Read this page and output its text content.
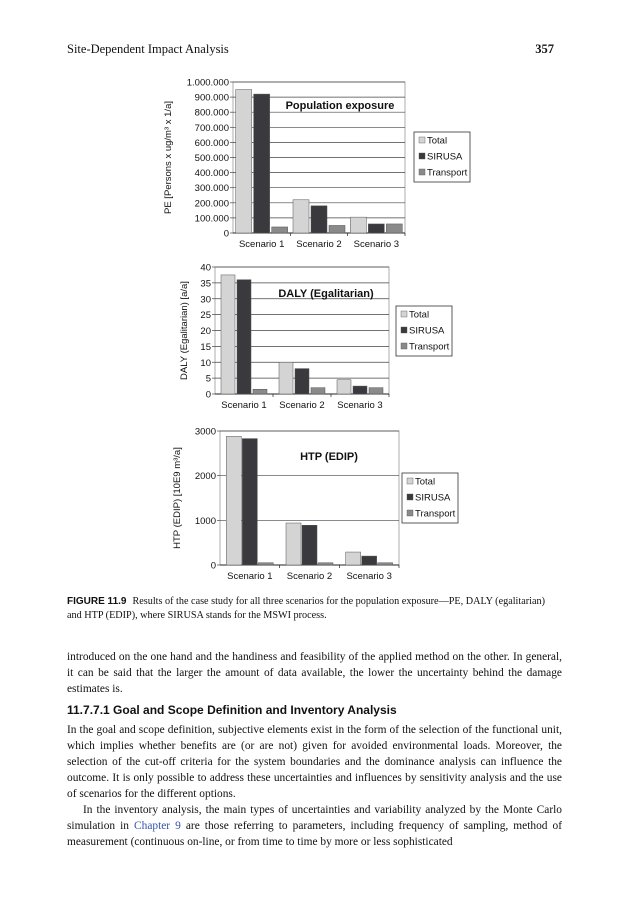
Site-Dependent Impact Analysis	357
0
100.000
200.000
300.000
400.000
500.000
600.000
700.000
800.000
900.000
1.000.000
Scenario 1 Scenario 2 Scenario 3
Population exposure
PE [Persons x ug/m³ x 1/a]	Total
SIRUSA
Transport
0
5
10
15
20
25
30
35
40
Scenario 1 Scenario 2 Scenario 3
DALY (Egalitarian)
DALY (Egalitarian) [a/a]	Total
SIRUSA
Transport
0
1000
2000
3000
Scenario 1 Scenario 2 Scenario 3
HTP (EDIP)
HTP (EDIP) [10E9 m³/a]	Total
SIRUSA
Transport
FIGURE 11.9 Results of the case study for all three scenarios for the population exposure—PE, DALY (egalitarian) and HTP (EDIP), where SIRUSA stands for the MSWI process.

introduced on the one hand and the handiness and feasibility of the applied method on the other. In general, it can be said that the larger the amount of data available, the lower the uncertainty behind the damage estimates is.

11.7.7.1 Goal and Scope Definition and Inventory Analysis

In the goal and scope definition, subjective elements exist in the form of the selection of the functional unit, which implies whether benefits are (or are not) given for avoided environmental loads. Moreover, the selection of the cut-off criteria for the system boundaries and the dominance analysis can influence the outcome. It is only possible to address these uncertainties and influences by sensitivity analysis and the use of scenarios for the different options.

In the inventory analysis, the main types of uncertainties and variability analyzed by the Monte Carlo simulation in Chapter 9 are those referring to parameters, including frequency of sampling, method of measurement (continuous on-line, or from time to time by more or less sophisticated
